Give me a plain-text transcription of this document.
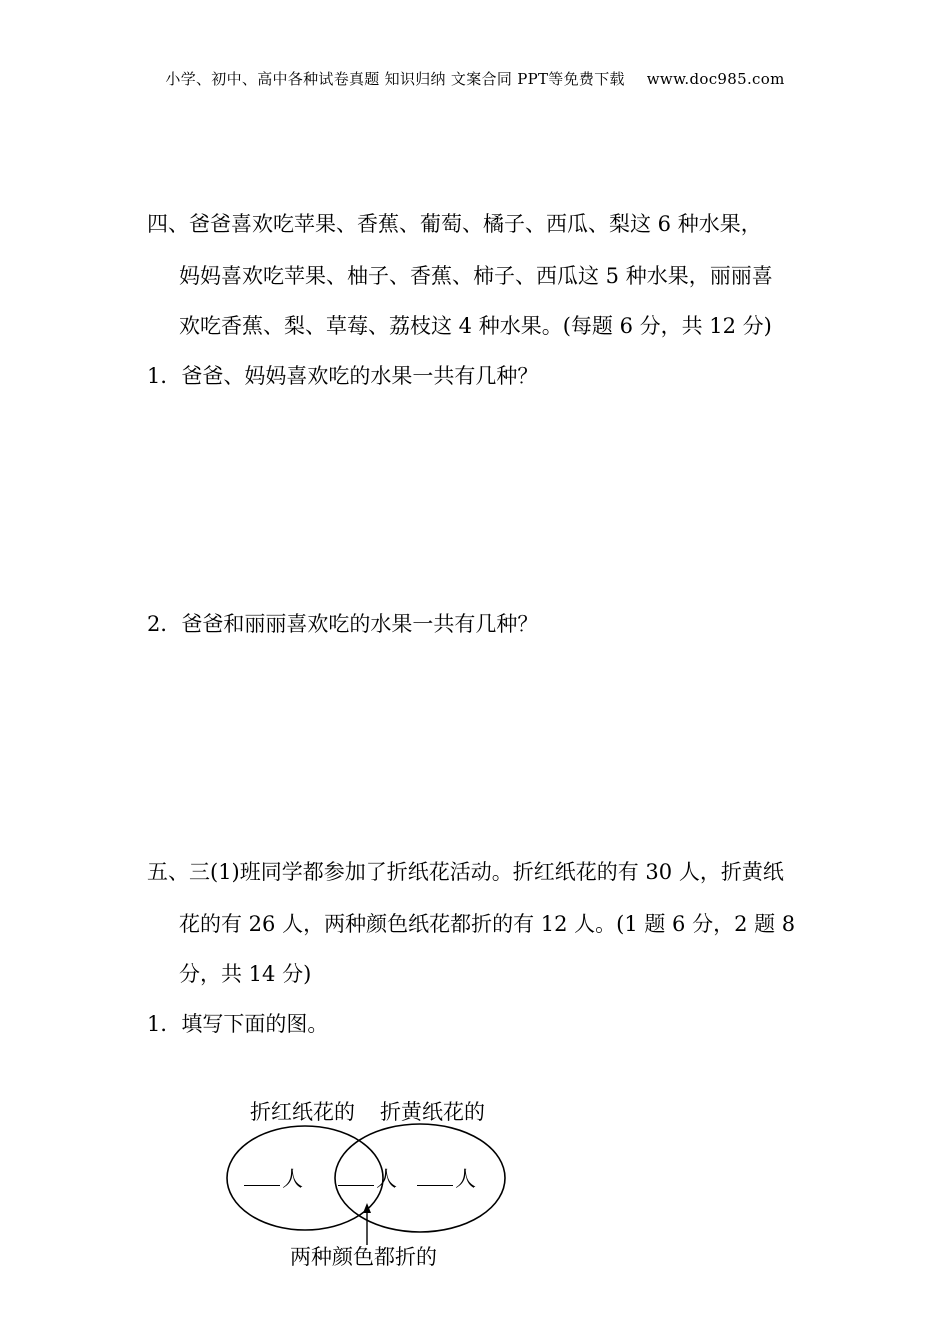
小学、初中、高中各种试卷真题 知识归纳 文案合同 PPT等免费下载 www.doc985.com
四、爸爸喜欢吃苹果、香蕉、葡萄、橘子、西瓜、梨这 6 种水果，
妈妈喜欢吃苹果、柚子、香蕉、柿子、西瓜这 5 种水果，丽丽喜
欢吃香蕉、梨、草莓、荔枝这 4 种水果。(每题 6 分，共 12 分)
1．爸爸、妈妈喜欢吃的水果一共有几种？
2．爸爸和丽丽喜欢吃的水果一共有几种？
五、三(1)班同学都参加了折纸花活动。折红纸花的有 30 人，折黄纸
花的有 26 人，两种颜色纸花都折的有 12 人。(1 题 6 分，2 题 8
分，共 14 分)
1．填写下面的图。
折红纸花的 折黄纸花的
人	人	人
两种颜色都折的
